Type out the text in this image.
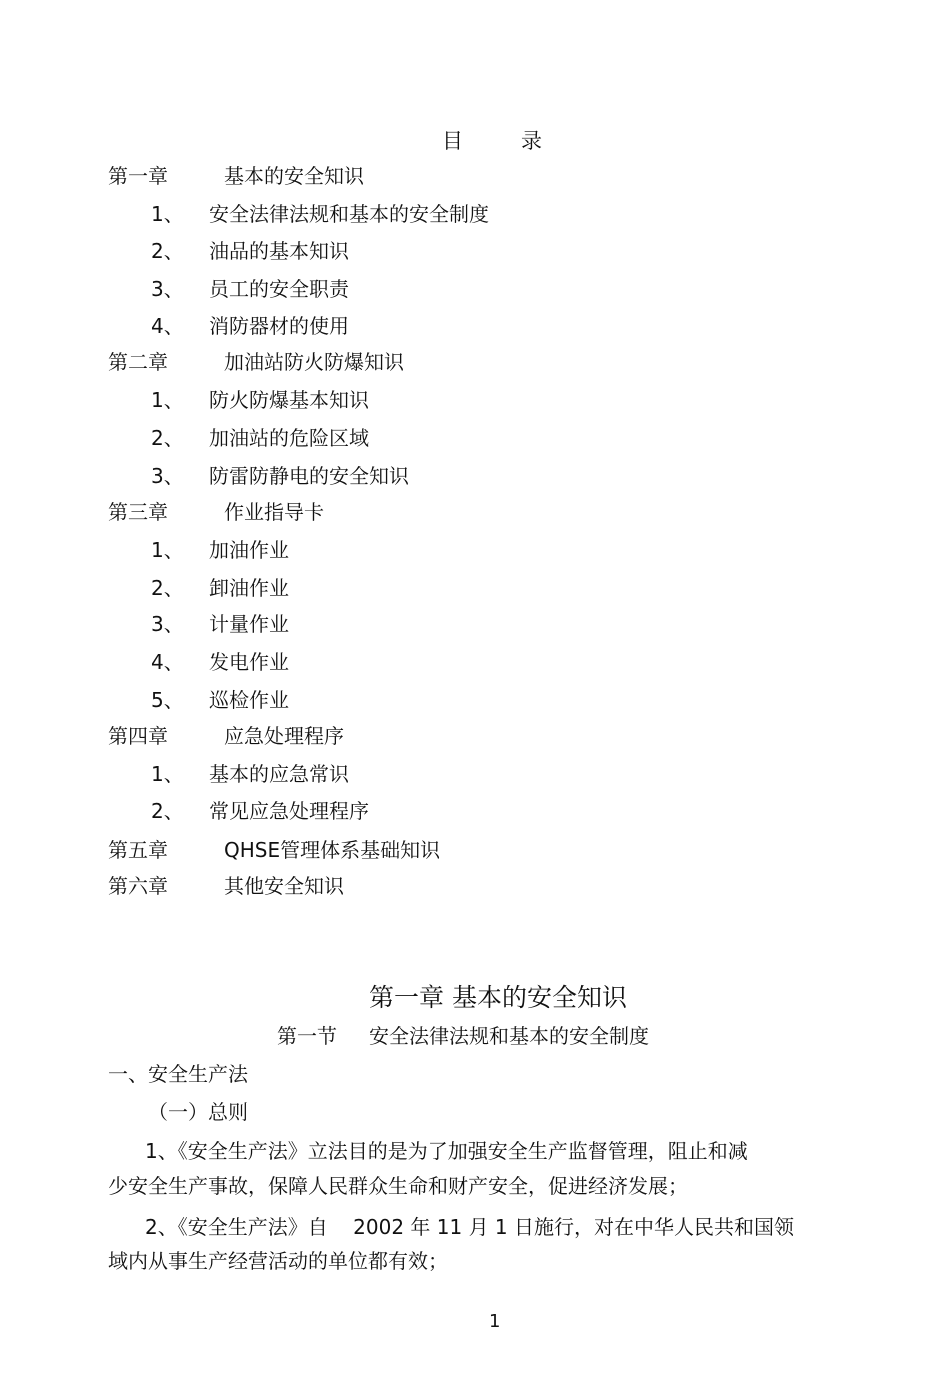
目录
第一章	基本的安全知识
1、 安全法律法规和基本的安全制度
2、 油品的基本知识
3、 员工的安全职责
4、 消防器材的使用
第二章	加油站防火防爆知识
1、 防火防爆基本知识
2、 加油站的危险区域
3、 防雷防静电的安全知识
第三章	作业指导卡
1、 加油作业
2、 卸油作业
3、 计量作业
4、 发电作业
5、 巡检作业
第四章	应急处理程序
1、 基本的应急常识
2、 常见应急处理程序
第五章	QHSE管理体系基础知识
第六章	其他安全知识
第一章 基本的安全知识
第一节 安全法律法规和基本的安全制度
一、安全生产法
（一）总则
1、《安全生产法》立法目的是为了加强安全生产监督管理，阻止和减
少安全生产事故，保障人民群众生命和财产安全，促进经济发展；
2、《安全生产法》自    2002 年 11 月 1 日施行，对在中华人民共和国领
域内从事生产经营活动的单位都有效；
1
